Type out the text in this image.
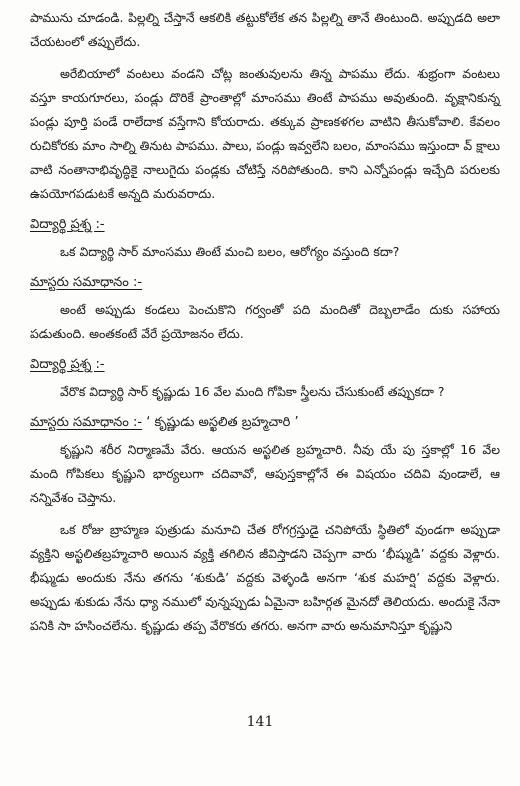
పామును చూడండి. పిల్లల్ని చేస్తానే ఆకలికి తట్టుకోలేక తన పిల్లల్ని తానే తింటుంది. అప్పుడది అలా చేయటంలో తప్పులేదు.

అరేబియాలో వంటలు వండని చోట్ల జంతువులను తిన్న పాపము లేదు. శుభ్రంగా వంటలు వస్తూ కాయగూరలు, పండ్లు దొరికే ప్రాంతాల్లో మాంసము తింటే పాపము అవుతుంది. వృక్షానికున్న పండ్లు పూర్తి పండే రాలేదాక వస్తేగాని కోయరాదు. తక్కువ ప్రాణకళగల వాటిని తీసుకోవాలి. కేవలం రుచికోరకు మాం సాల్ని తినుట పాపము. పాలు, పండ్లు ఇవ్వలేని బలం, మాంసము ఇస్తుందా వ్ క్షాలు వాటి నంతానాభివృద్ధికై నాలుగైదు పండ్లకు చోటిస్తే నరిపోతుంది. కాని ఎన్నోపండ్లు ఇచ్చేది పరులకు ఉపయోగపడుటకే అన్నది మరువరాదు.

విద్యార్థి ప్రశ్న :-

ఒక విద్యార్థి సార్ మాంసము తింటే మంచి బలం, ఆరోగ్యం వస్తుంది కదా?

మాస్టరు సమాధానం :-

అంటే అప్పుడు కండలు పెంచుకొని గర్వంతో పది మందితో దెబ్బలాడేం దుకు సహాయ పడుతుంది. అంతకంటే వేరే ప్రయోజనం లేదు.

విద్యార్థి ప్రశ్న :-

వేరొక విద్యార్థి సార్ కృష్ణుడు 16 వేల మంది గోపికా స్త్రీలను చేసుకుంటే తప్పుకదా ?

మాస్టరు సమాధానం :- ‘ కృష్ణుడు అస్ఖలిత బ్రహ్మచారి ’

కృష్ణుని శరీర నిర్మాణమే వేరు. ఆయన అస్ఖలిత బ్రహ్మచారి. నీవు యే పు స్తకాల్లో 16 వేల మంది గోపికలు కృష్ణుని భార్యలుగా చదివావో, ఆపుస్తకాల్లోనే ఈ విషయం చదివి వుండాలే, ఆ నన్నివేశం చెప్తాను.

ఒక రోజు బ్రాహ్మణ పుత్రుడు మనూచి చేత రోగగ్రస్తుడై చనిపోయే స్థితిలో వుండగా అప్పుడా వ్యక్తిని అస్ఖలితబ్రహ్మచారి అయిన వ్యక్తి తగిలిన జీవిస్తాడని చెప్పగా వారు ‘భీష్ముడి’ వద్దకు వెళ్లారు. భీష్ముడు అందుకు నేను తగను ‘శుకుడి’ వద్దకు వెళ్ళండి అనగా ‘శుక మహర్షి’ వద్దకు వెళ్లారు. అప్పుడు శుకుడు నేను ధ్యా నములో వున్నప్పుడు ఏమైనా బహిర్గత మైనదో తెలియదు. అందుకై నేనా పనికి సా హసించలేను. కృష్ణుడు తప్ప వేరొకరు తగరు. అనగా వారు అనుమానిస్తూ కృష్ణుని

141
